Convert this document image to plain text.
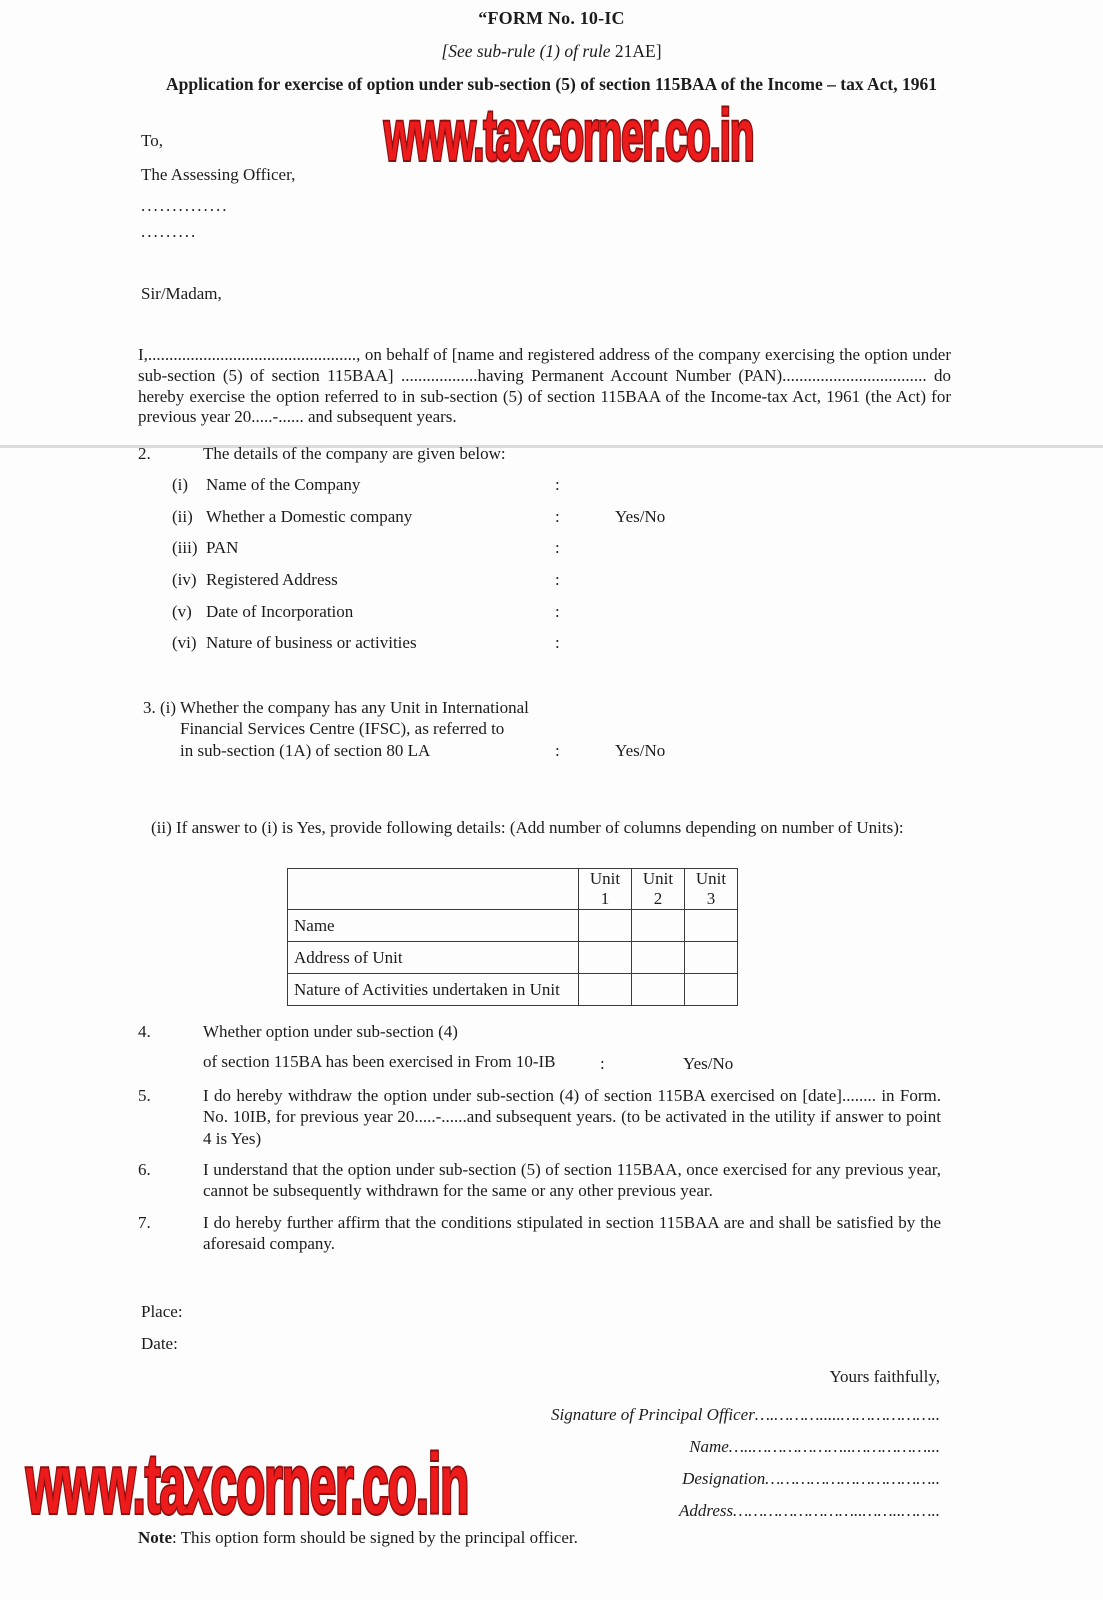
“FORM No. 10-IC
[See sub-rule (1) of rule 21AE]
Application for exercise of option under sub-section (5) of section 115BAA of the Income – tax Act, 1961
www.taxcorner.co.in
www.taxcorner.co.in
To,
The Assessing Officer,
..............
.........
Sir/Madam,
I,................................................., on behalf of [name and registered address of the company exercising the option under sub-section (5) of section 115BAA] ..................having Permanent Account Number (PAN).................................. do hereby exercise the option referred to in sub-section (5) of section 115BAA of the Income-tax Act, 1961 (the Act) for previous year 20.....-...... and subsequent years.
2.	The details of the company are given below:
(i)	Name of the Company	:
(ii) Whether a Domestic company	:	Yes/No
(iii) PAN	:
(iv) Registered Address	:
(v) Date of Incorporation	:
(vi) Nature of business or activities	:
3. (i) Whether the company has any Unit in International
Financial Services Centre (IFSC), as referred to
in sub-section (1A) of section 80 LA	:	Yes/No
(ii) If answer to (i) is Yes, provide following details: (Add number of columns depending on number of Units):
	Unit 1	Unit 2	Unit 3
Name			
Address of Unit			
Nature of Activities undertaken in Unit			
4.	Whether option under sub-section (4)
of section 115BA has been exercised in From 10-IB	:	Yes/No
5.	I do hereby withdraw the option under sub-section (4) of section 115BA exercised on [date]........ in Form. No. 10IB, for previous year 20.....-......and subsequent years. (to be activated in the utility if answer to point 4 is Yes)
6.	I understand that the option under sub-section (5) of section 115BAA, once exercised for any previous year, cannot be subsequently withdrawn for the same or any other previous year.
7.	I do hereby further affirm that the conditions stipulated in section 115BAA are and shall be satisfied by the aforesaid company.
Place:
Date:
Yours faithfully,
Signature of Principal Officer….……….....………………..
Name…..………………..……………...
Designation……………………………..
Address……………………..……..……..
Note: This option form should be signed by the principal officer.
